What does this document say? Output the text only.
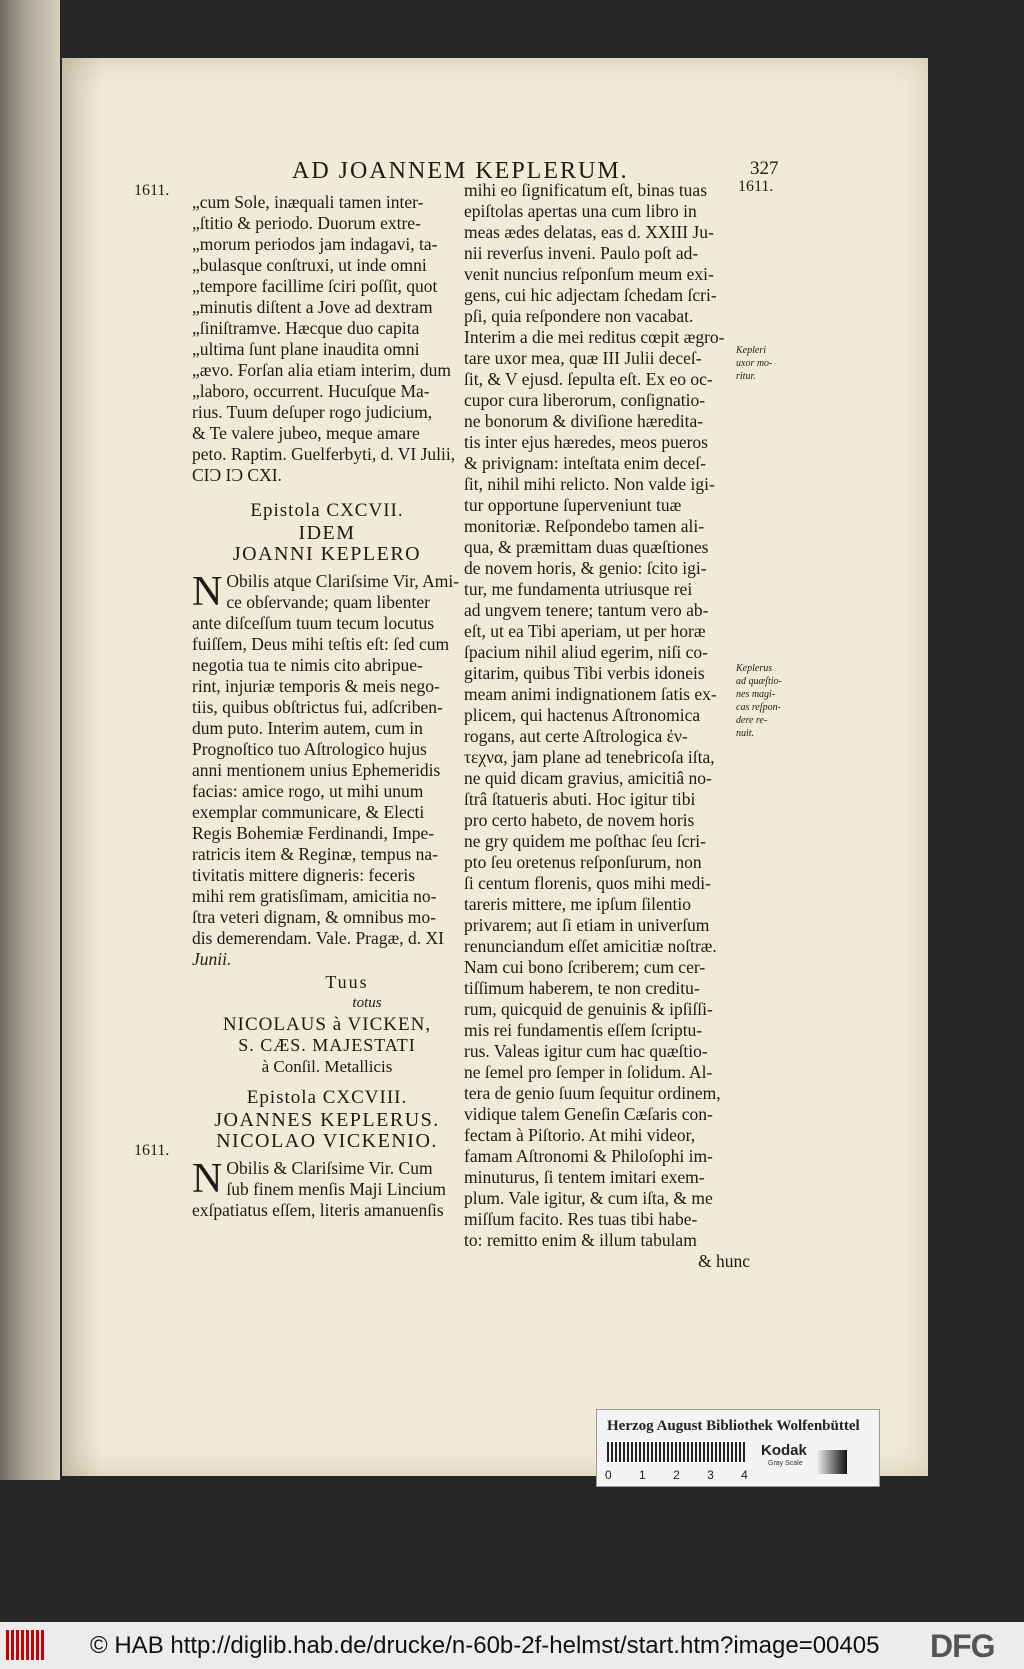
AD JOANNEM KEPLERUM.	327
1611.	1611.
1611.
Kepleri
uxor mo-
ritur.
Keplerus
ad quæſtio-
nes magi-
cas reſpon-
dere re-
nuit.
„cum Sole, inæquali tamen inter-
„ſtitio & periodo. Duorum extre-
„morum periodos jam indagavi, ta-
„bulasque conſtruxi, ut inde omni
„tempore facillime ſciri poſſit, quot
„minutis diſtent a Jove ad dextram
„ſiniſtramve. Hæcque duo capita
„ultima ſunt plane inaudita omni
„ævo. Forſan alia etiam interim, dum
„laboro, occurrent. Hucuſque Ma-
rius. Tuum deſuper rogo judicium,
& Te valere jubeo, meque amare
peto. Raptim. Guelferbyti, d. VI Julii,
CIƆ IƆ CXI.
Epistola CXCVII.
IDEM
JOANNI KEPLERO
N Obilis atque Clariſsime Vir, Ami-
ce obſervande; quam libenter
ante diſceſſum tuum tecum locutus
fuiſſem, Deus mihi teſtis eſt: ſed cum
negotia tua te nimis cito abripue-
rint, injuriæ temporis & meis nego-
tiis, quibus obſtrictus fui, adſcriben-
dum puto. Interim autem, cum in
Prognoſtico tuo Aſtrologico hujus
anni mentionem unius Ephemeridis
facias: amice rogo, ut mihi unum
exemplar communicare, & Electi
Regis Bohemiæ Ferdinandi, Impe-
ratricis item & Reginæ, tempus na-
tivitatis mittere digneris: feceris
mihi rem gratisſimam, amicitia no-
ſtra veteri dignam, & omnibus mo-
dis demerendam. Vale. Pragæ, d. XI
Junii.
Tuus
totus
NICOLAUS à VICKEN,
S. CÆS. MAJESTATI
à Conſil. Metallicis
Epistola CXCVIII.
JOANNES KEPLERUS.
NICOLAO VICKENIO.
N Obilis & Clariſsime Vir. Cum
ſub finem menſis Maji Lincium
exſpatiatus eſſem, literis amanuenſis
mihi eo ſignificatum eſt, binas tuas
epiſtolas apertas una cum libro in
meas ædes delatas, eas d. XXIII Ju-
nii reverſus inveni. Paulo poſt ad-
venit nuncius reſponſum meum exi-
gens, cui hic adjectam ſchedam ſcri-
pſi, quia reſpondere non vacabat.
Interim a die mei reditus cœpit ægro-
tare uxor mea, quæ III Julii deceſ-
ſit, & V ejusd. ſepulta eſt. Ex eo oc-
cupor cura liberorum, conſignatio-
ne bonorum & diviſione hæredita-
tis inter ejus hæredes, meos pueros
& privignam: inteſtata enim deceſ-
ſit, nihil mihi relicto. Non valde igi-
tur opportune ſuperveniunt tuæ
monitoriæ. Reſpondebo tamen ali-
qua, & præmittam duas quæſtiones
de novem horis, & genio: ſcito igi-
tur, me fundamenta utriusque rei
ad ungvem tenere; tantum vero ab-
eſt, ut ea Tibi aperiam, ut per horæ
ſpacium nihil aliud egerim, niſi co-
gitarim, quibus Tibi verbis idoneis
meam animi indignationem ſatis ex-
plicem, qui hactenus Aſtronomica
rogans, aut certe Aſtrologica ἐν-
τεχνα, jam plane ad tenebricoſa iſta,
ne quid dicam gravius, amicitiâ no-
ſtrâ ſtatueris abuti. Hoc igitur tibi
pro certo habeto, de novem horis
ne gry quidem me poſthac ſeu ſcri-
pto ſeu oretenus reſponſurum, non
ſi centum florenis, quos mihi medi-
tareris mittere, me ipſum ſilentio
privarem; aut ſi etiam in univerſum
renunciandum eſſet amicitiæ noſtræ.
Nam cui bono ſcriberem; cum cer-
tiſſimum haberem, te non creditu-
rum, quicquid de genuinis & ipſiſſi-
mis rei fundamentis eſſem ſcriptu-
rus. Valeas igitur cum hac quæſtio-
ne ſemel pro ſemper in ſolidum. Al-
tera de genio ſuum ſequitur ordinem,
vidique talem Geneſin Cæſaris con-
fectam à Piſtorio. At mihi videor,
famam Aſtronomi & Philoſophi im-
minuturus, ſi tentem imitari exem-
plum. Vale igitur, & cum iſta, & me
miſſum facito. Res tuas tibi habe-
to: remitto enim & illum tabulam
& hunc
Herzog August Bibliothek Wolfenbüttel
Kodak
Gray Scale
0 1 2 3 4
© HAB http://diglib.hab.de/drucke/n-60b-2f-helmst/start.htm?image=00405 DFG
